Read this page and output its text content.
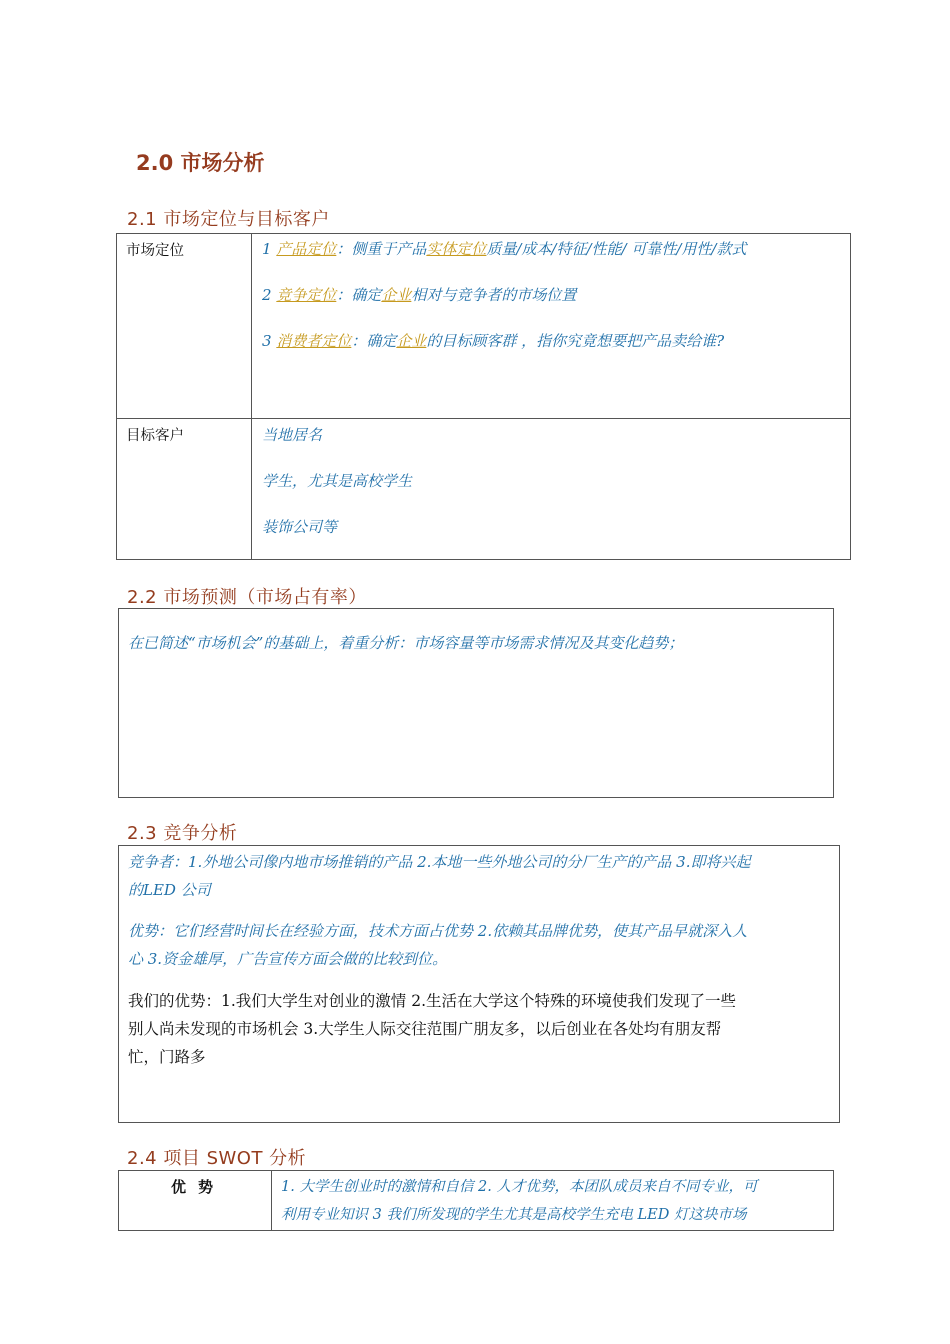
2.0 市场分析
2.1 市场定位与目标客户
市场定位	1 产品定位：侧重于产品实体定位质量/成本/特征/性能/ 可靠性/用性/款式
2 竞争定位：确定企业相对与竞争者的市场位置
3 消费者定位：确定企业的目标顾客群 ，指你究竟想要把产品卖给谁?
目标客户	当地居名
学生，尤其是高校学生
装饰公司等
2.2 市场预测（市场占有率）
在已简述“市场机会”的基础上，着重分析：市场容量等市场需求情况及其变化趋势；
2.3 竞争分析
竞争者：1.外地公司像内地市场推销的产品 2.本地一些外地公司的分厂生产的产品 3.即将兴起
的LED 公司
优势：它们经营时间长在经验方面，技术方面占优势 2.依赖其品牌优势，使其产品早就深入人
心 3.资金雄厚，广告宣传方面会做的比较到位。
我们的优势：1.我们大学生对创业的激情 2.生活在大学这个特殊的环境使我们发现了一些
别人尚未发现的市场机会 3.大学生人际交往范围广朋友多，以后创业在各处均有朋友帮
忙，门路多
2.4 项目 SWOT 分析
优势	1. 大学生创业时的激情和自信 2. 人才优势，本团队成员来自不同专业，可
利用专业知识 3 我们所发现的学生尤其是高校学生充电 LED 灯这块市场
